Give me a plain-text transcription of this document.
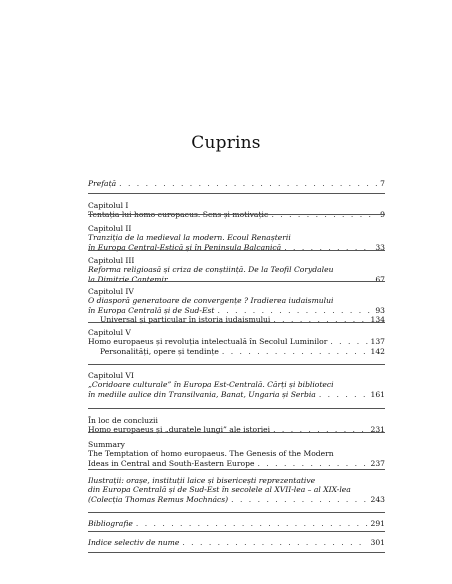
Cuprins
Prefață . . .	7
Capitolul I
Tentația lui homo europaeus. Sens și motivație . . .	9
Capitolul II
Tranziția de la medieval la modern. Ecoul Renașterii
în Europa Central-Estică și în Peninsula Balcanică . . .	33
Capitolul III
Reforma religioasă și criza de conștiință. De la Teofil Corydaleu
la Dimitrie Cantemir . . .	67
Capitolul IV
O diasporă generatoare de convergențe ? Iradierea iudaismului
în Europa Centrală și de Sud-Est . . .	93
Universal și particular în istoria iudaismului . . .	134
Capitolul V
Homo europaeus și revoluția intelectuală în Secolul Luminilor . . .	137
Personalități, opere și tendințe . . .	142
Capitolul VI
„Coridoare culturale” în Europa Est-Centrală. Cărți și biblioteci
în mediile aulice din Transilvania, Banat, Ungaria și Serbia . . .	161
În loc de concluzii
Homo europaeus și „duratele lungi” ale istoriei . . .	231
Summary
The Temptation of homo europaeus. The Genesis of the Modern
Ideas in Central and South-Eastern Europe . . .	237
Ilustrații: orașe, instituții laice și bisericești reprezentative
din Europa Centrală și de Sud-Est în secolele al XVII-lea – al XIX-lea
(Colecția Thomas Remus Mochnács) . . .	243
Bibliografie . . .	291
Indice selectiv de nume . . .	301
